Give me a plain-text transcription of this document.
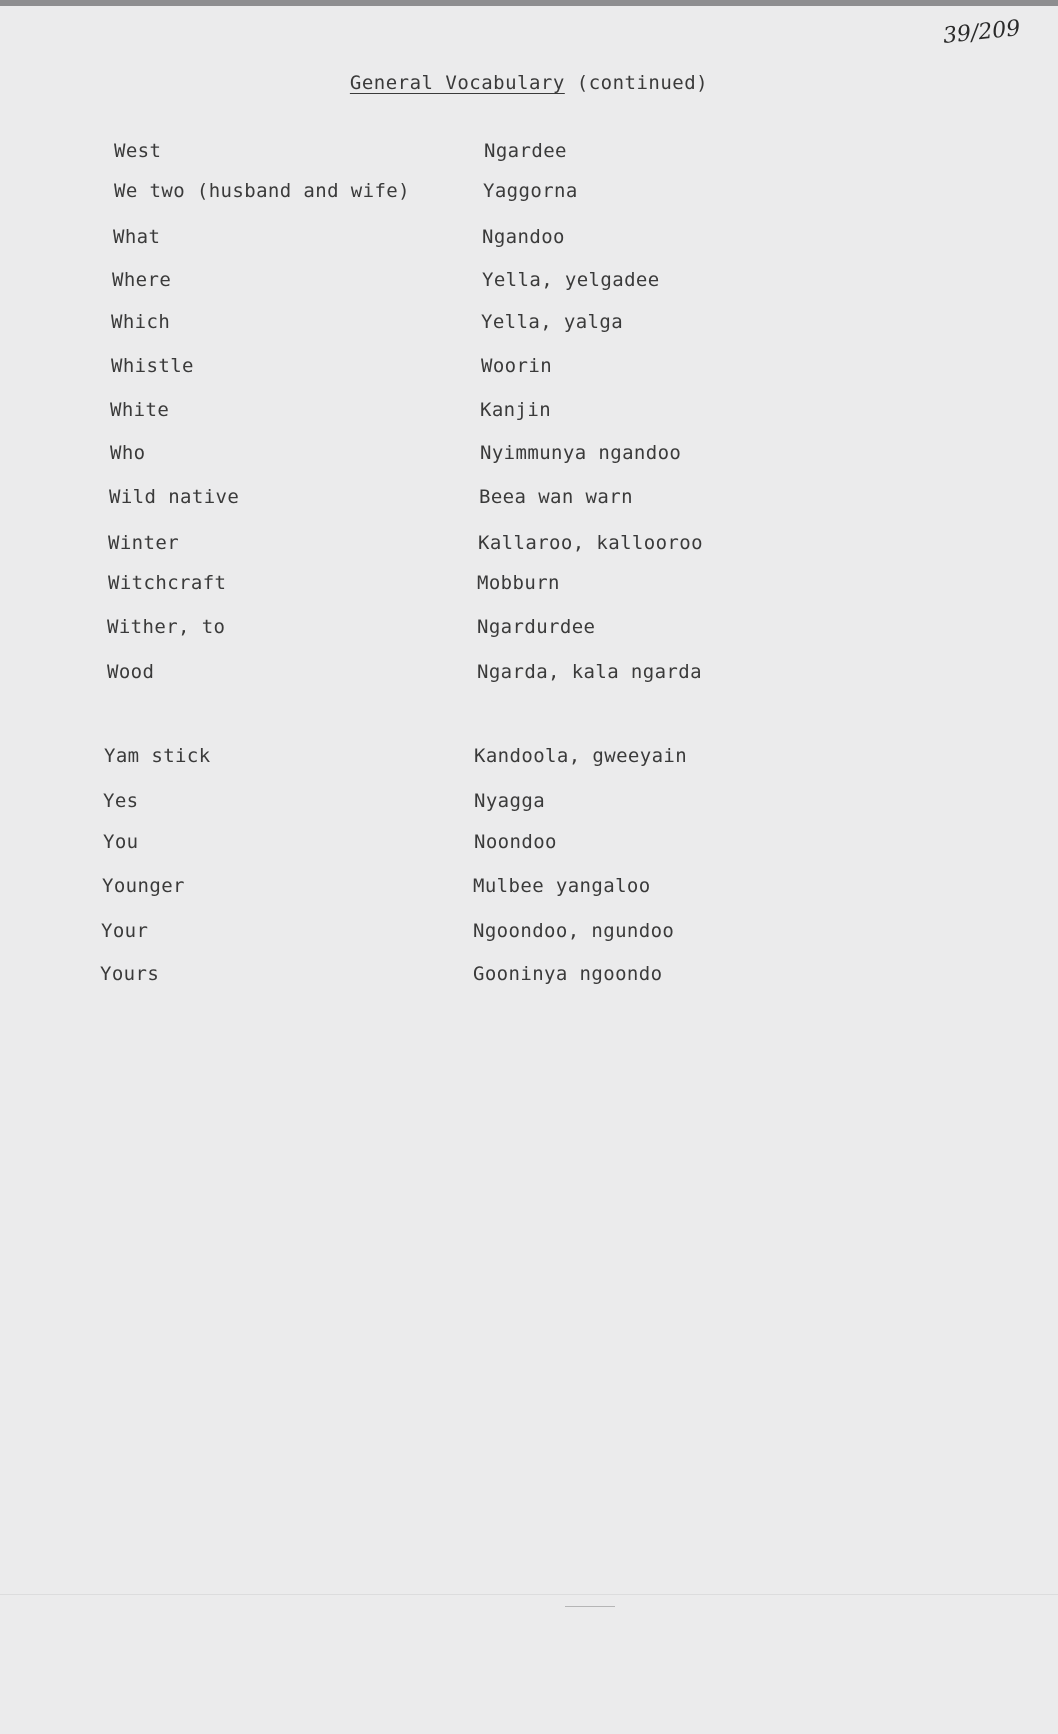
39/209
General Vocabulary (continued)
West	Ngardee
We two (husband and wife)	Yaggorna
What	Ngandoo
Where	Yella, yelgadee
Which	Yella, yalga
Whistle	Woorin
White	Kanjin
Who	Nyimmunya ngandoo
Wild native	Beea wan warn
Winter	Kallaroo, kallooroo
Witchcraft	Mobburn
Wither, to	Ngardurdee
Wood	Ngarda, kala ngarda
Yam stick	Kandoola, gweeyain
Yes	Nyagga
You	Noondoo
Younger	Mulbee yangaloo
Your	Ngoondoo, ngundoo
Yours	Gooninya ngoondo
